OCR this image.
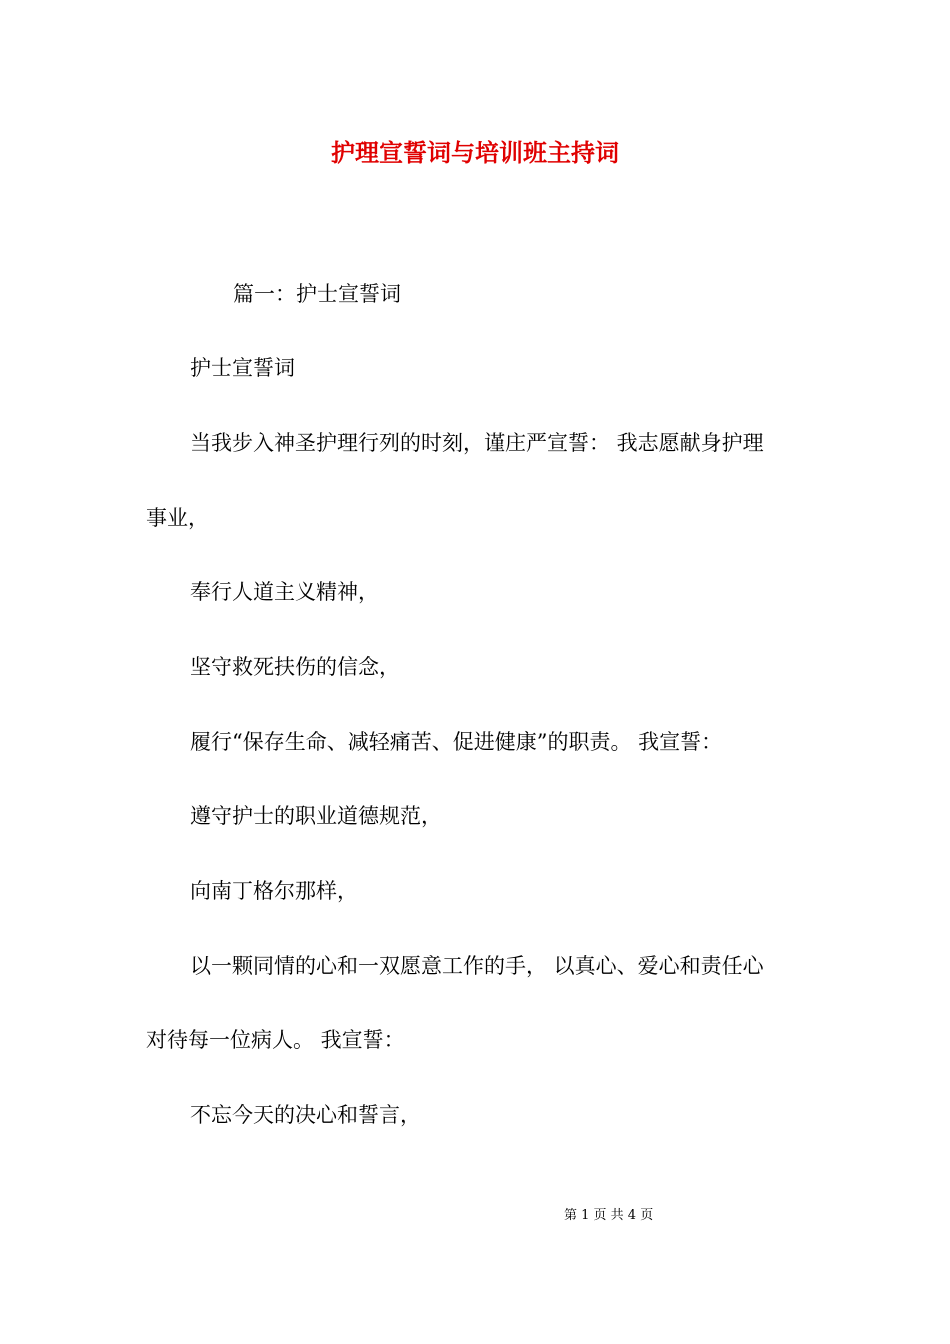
护理宣誓词与培训班主持词
篇一：护士宣誓词
护士宣誓词
当我步入神圣护理行列的时刻，谨庄严宣誓： 我志愿献身护理
事业，
奉行人道主义精神，
坚守救死扶伤的信念，
履行“保存生命、减轻痛苦、促进健康”的职责。 我宣誓：
遵守护士的职业道德规范，
向南丁格尔那样，
以一颗同情的心和一双愿意工作的手， 以真心、爱心和责任心
对待每一位病人。 我宣誓：
不忘今天的决心和誓言，
第 1 页 共 4 页
